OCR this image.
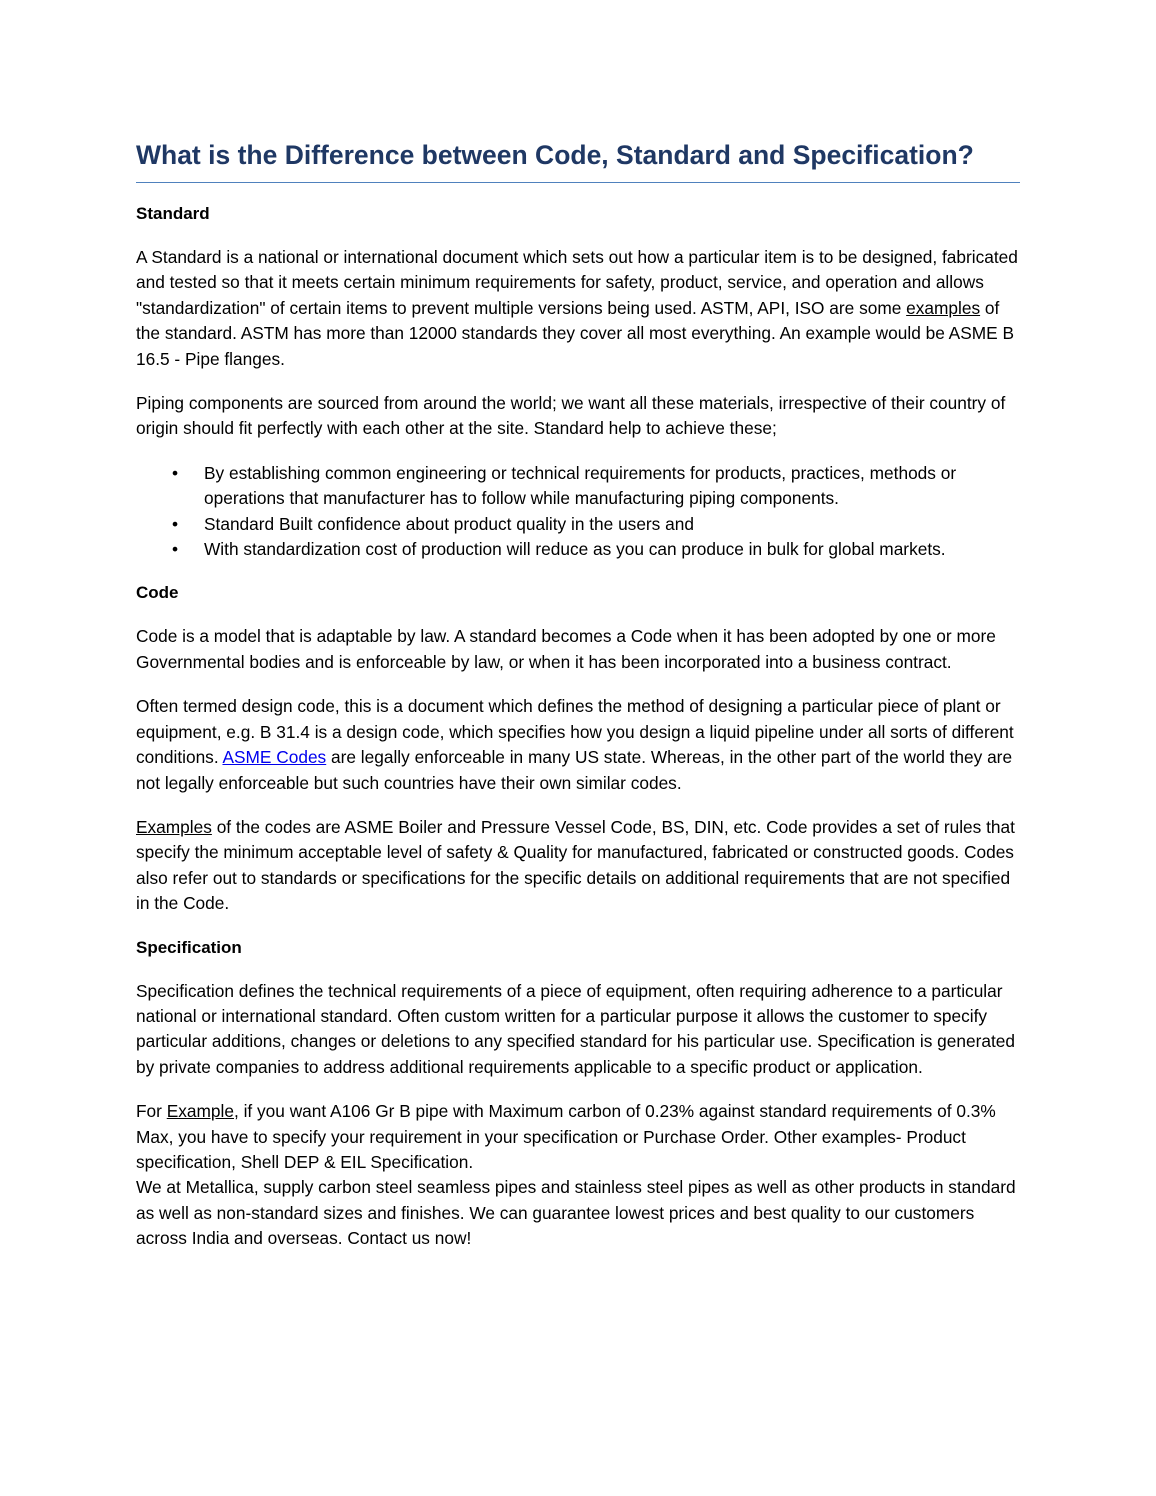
What is the Difference between Code, Standard and Specification?
Standard

A Standard is a national or international document which sets out how a particular item is to be designed, fabricated and tested so that it meets certain minimum requirements for safety, product, service, and operation and allows "standardization" of certain items to prevent multiple versions being used. ASTM, API, ISO are some examples of the standard. ASTM has more than 12000 standards they cover all most everything. An example would be ASME B 16.5 - Pipe flanges.

Piping components are sourced from around the world; we want all these materials, irrespective of their country of origin should fit perfectly with each other at the site. Standard help to achieve these;

• By establishing common engineering or technical requirements for products, practices, methods or operations that manufacturer has to follow while manufacturing piping components.
• Standard Built confidence about product quality in the users and
• With standardization cost of production will reduce as you can produce in bulk for global markets.
Code

Code is a model that is adaptable by law. A standard becomes a Code when it has been adopted by one or more Governmental bodies and is enforceable by law, or when it has been incorporated into a business contract.

Often termed design code, this is a document which defines the method of designing a particular piece of plant or equipment, e.g. B 31.4 is a design code, which specifies how you design a liquid pipeline under all sorts of different conditions. ASME Codes are legally enforceable in many US state. Whereas, in the other part of the world they are not legally enforceable but such countries have their own similar codes.

Examples of the codes are ASME Boiler and Pressure Vessel Code, BS, DIN, etc. Code provides a set of rules that specify the minimum acceptable level of safety & Quality for manufactured, fabricated or constructed goods. Codes also refer out to standards or specifications for the specific details on additional requirements that are not specified in the Code.

Specification

Specification defines the technical requirements of a piece of equipment, often requiring adherence to a particular national or international standard. Often custom written for a particular purpose it allows the customer to specify particular additions, changes or deletions to any specified standard for his particular use. Specification is generated by private companies to address additional requirements applicable to a specific product or application.

For Example, if you want A106 Gr B pipe with Maximum carbon of 0.23% against standard requirements of 0.3% Max, you have to specify your requirement in your specification or Purchase Order. Other examples- Product specification, Shell DEP & EIL Specification.

We at Metallica, supply carbon steel seamless pipes and stainless steel pipes as well as other products in standard as well as non-standard sizes and finishes. We can guarantee lowest prices and best quality to our customers across India and overseas. Contact us now!
